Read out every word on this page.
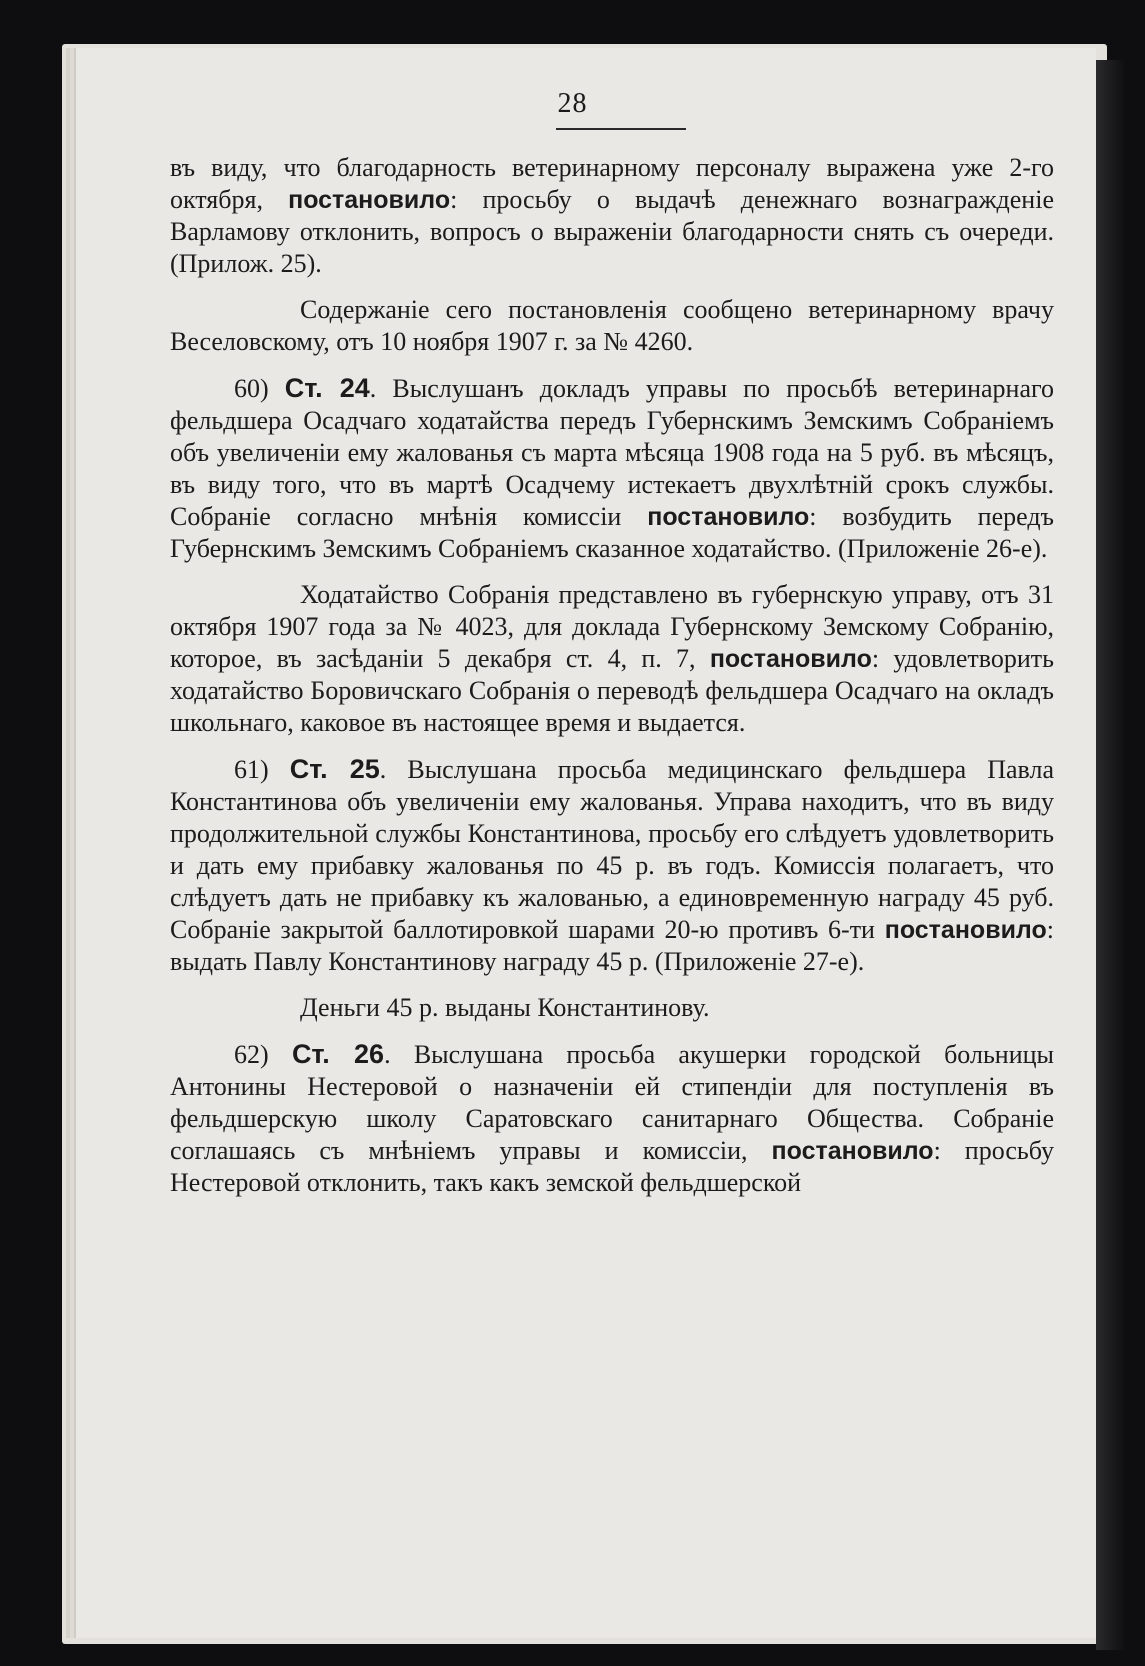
28

въ виду, что благодарность ветеринарному персоналу выражена уже 2-го октября, постановило: просьбу о выдачѣ денежнаго вознагражденіе Варламову отклонить, вопросъ о выраженіи благодарности снять съ очереди. (Прилож. 25).

Содержаніе сего постановленія сообщено ветеринарному врачу Веселовскому, отъ 10 ноября 1907 г. за № 4260.

60) Ст. 24. Выслушанъ докладъ управы по просьбѣ ветеринарнаго фельдшера Осадчаго ходатайства передъ Губернскимъ Земскимъ Собраніемъ объ увеличеніи ему жалованья съ марта мѣсяца 1908 года на 5 руб. въ мѣсяцъ, въ виду того, что въ мартѣ Осадчему истекаетъ двухлѣтній срокъ службы. Собраніе согласно мнѣнія комиссіи постановило: возбудить передъ Губернскимъ Земскимъ Собраніемъ сказанное ходатайство. (Приложеніе 26-е).

Ходатайство Собранія представлено въ губернскую управу, отъ 31 октября 1907 года за № 4023, для доклада Губернскому Земскому Собранію, которое, въ засѣданіи 5 декабря ст. 4, п. 7, постановило: удовлетворить ходатайство Боровичскаго Собранія о переводѣ фельдшера Осадчаго на окладъ школьнаго, каковое въ настоящее время и выдается.

61) Ст. 25. Выслушана просьба медицинскаго фельдшера Павла Константинова объ увеличеніи ему жалованья. Управа находитъ, что въ виду продолжительной службы Константинова, просьбу его слѣдуетъ удовлетворить и дать ему прибавку жалованья по 45 р. въ годъ. Комиссія полагаетъ, что слѣдуетъ дать не прибавку къ жалованью, а единовременную награду 45 руб. Собраніе закрытой баллотировкой шарами 20-ю противъ 6-ти постановило: выдать Павлу Константинову награду 45 р. (Приложеніе 27-е).

Деньги 45 р. выданы Константинову.

62) Ст. 26. Выслушана просьба акушерки городской больницы Антонины Нестеровой о назначеніи ей стипендіи для поступленія въ фельдшерскую школу Саратовскаго санитарнаго Общества. Собраніе соглашаясь съ мнѣніемъ управы и комиссіи, постановило: просьбу Нестеровой отклонить, такъ какъ земской фельдшерской
